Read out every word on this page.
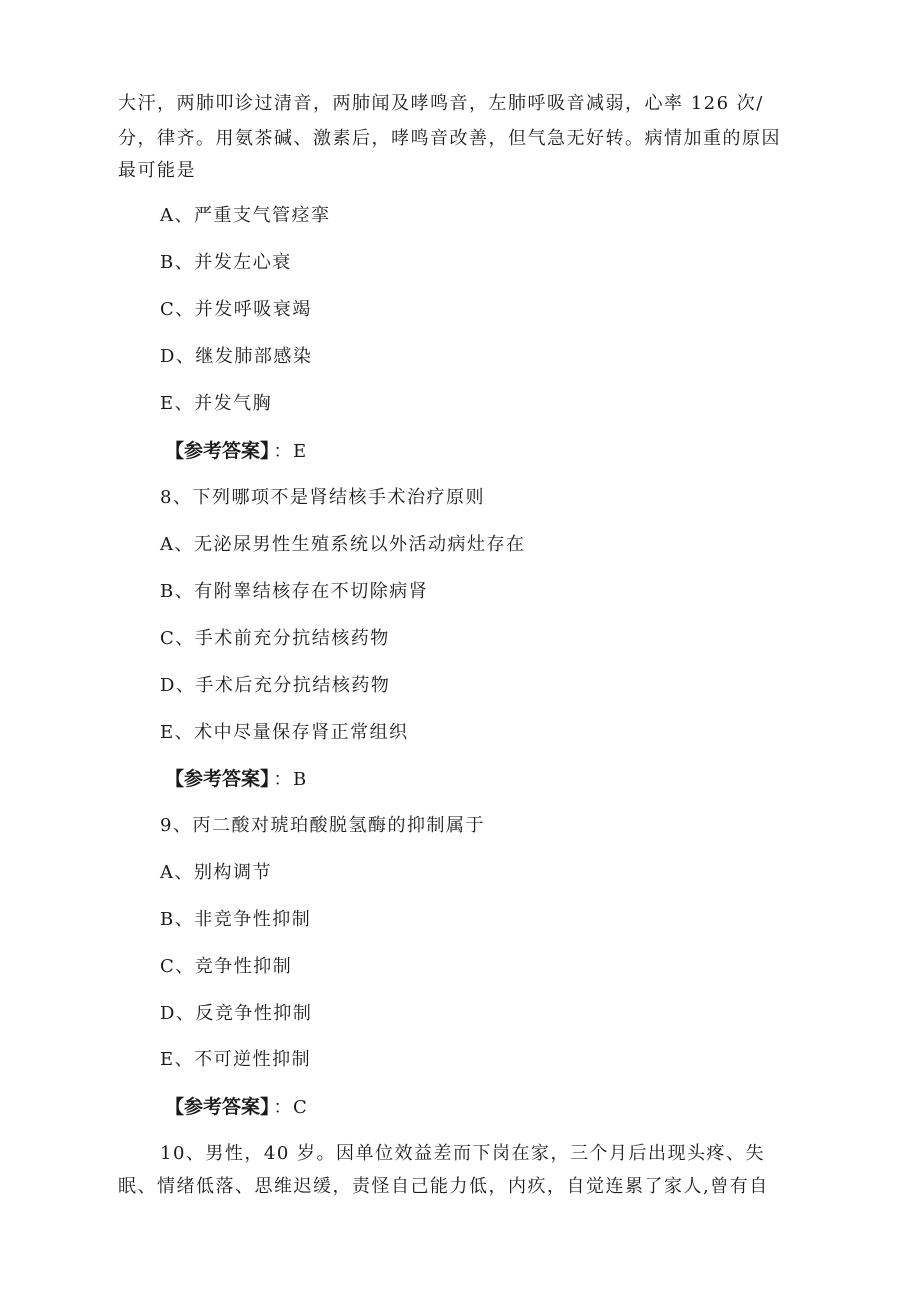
大汗，两肺叩诊过清音，两肺闻及哮鸣音，左肺呼吸音减弱，心率 126 次/
分，律齐。用氨茶碱、激素后，哮鸣音改善，但气急无好转。病情加重的原因
最可能是
A、严重支气管痉挛
B、并发左心衰
C、并发呼吸衰竭
D、继发肺部感染
E、并发气胸
【参考答案】 ：E
8、下列哪项不是肾结核手术治疗原则
A、无泌尿男性生殖系统以外活动病灶存在
B、有附睾结核存在不切除病肾
C、手术前充分抗结核药物
D、手术后充分抗结核药物
E、术中尽量保存肾正常组织
【参考答案】 ：B
9、丙二酸对琥珀酸脱氢酶的抑制属于
A、别构调节
B、非竞争性抑制
C、竞争性抑制
D、反竞争性抑制
E、不可逆性抑制
【参考答案】 ：C
10、男性，40 岁。因单位效益差而下岗在家，三个月后出现头疼、失
眠、情绪低落、思维迟缓，责怪自己能力低，内疚，自觉连累了家人,曾有自
